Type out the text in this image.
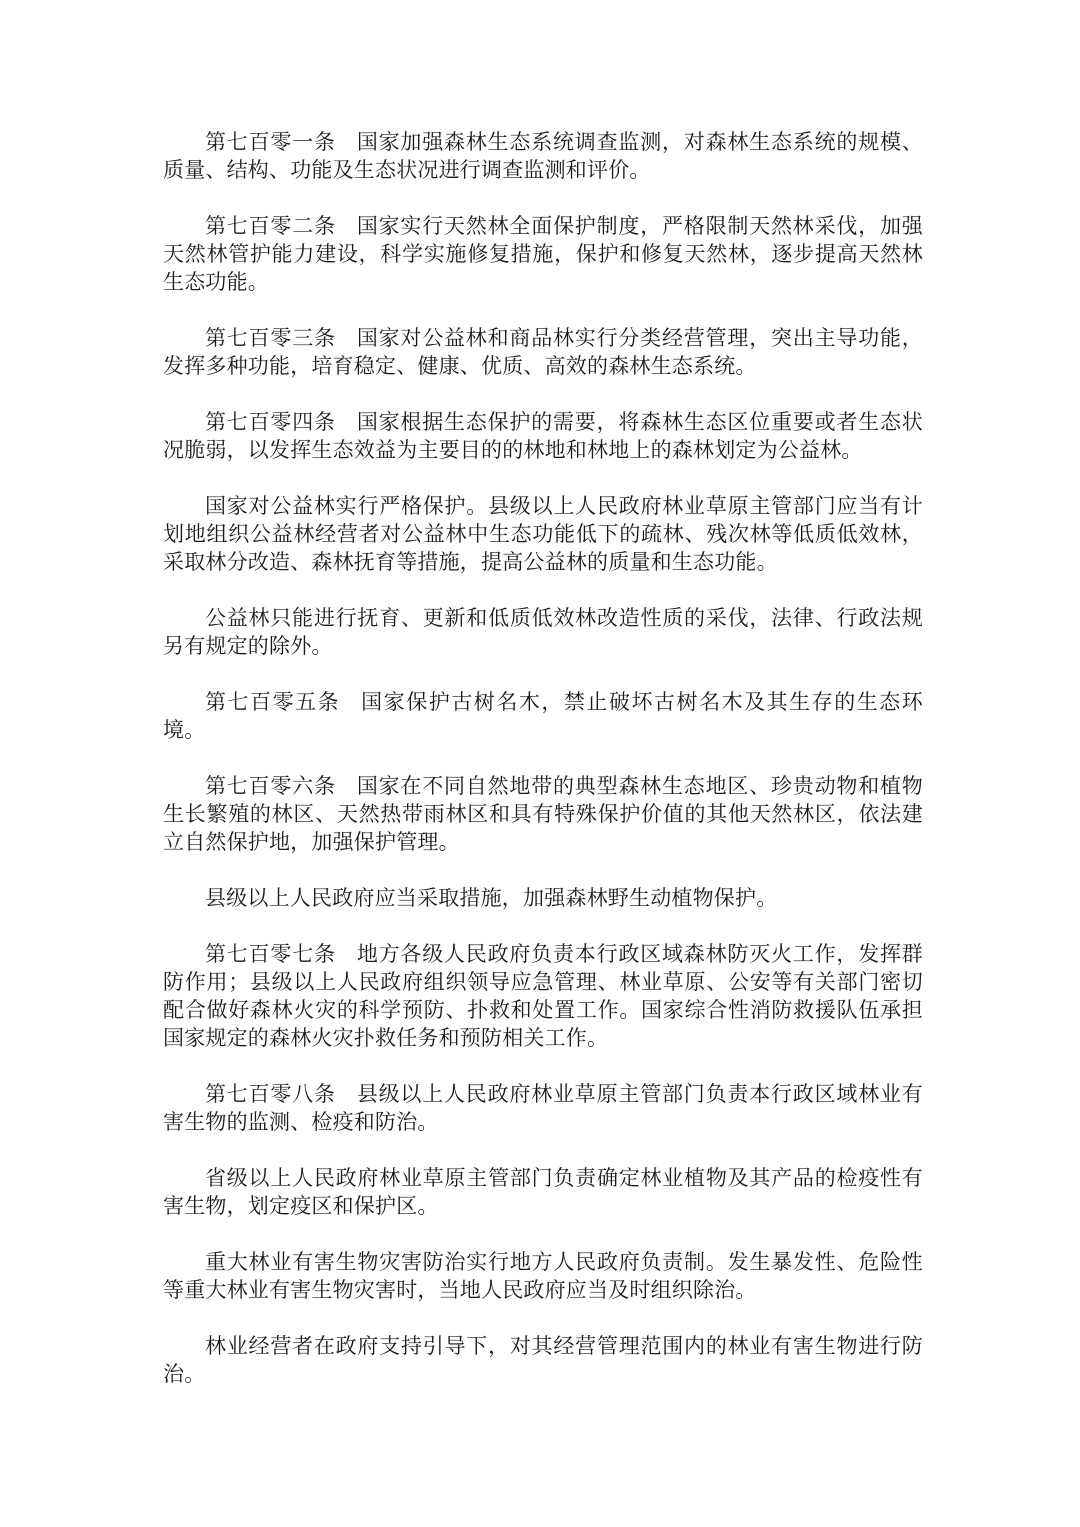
第七百零一条 国家加强森林生态系统调查监测，对森林生态系统的规模、质量、结构、功能及生态状况进行调查监测和评价。

第七百零二条 国家实行天然林全面保护制度，严格限制天然林采伐，加强天然林管护能力建设，科学实施修复措施，保护和修复天然林，逐步提高天然林生态功能。

第七百零三条 国家对公益林和商品林实行分类经营管理，突出主导功能，发挥多种功能，培育稳定、健康、优质、高效的森林生态系统。

第七百零四条 国家根据生态保护的需要，将森林生态区位重要或者生态状况脆弱，以发挥生态效益为主要目的的林地和林地上的森林划定为公益林。

国家对公益林实行严格保护。县级以上人民政府林业草原主管部门应当有计划地组织公益林经营者对公益林中生态功能低下的疏林、残次林等低质低效林，采取林分改造、森林抚育等措施，提高公益林的质量和生态功能。

公益林只能进行抚育、更新和低质低效林改造性质的采伐，法律、行政法规另有规定的除外。

第七百零五条 国家保护古树名木，禁止破坏古树名木及其生存的生态环境。

第七百零六条 国家在不同自然地带的典型森林生态地区、珍贵动物和植物生长繁殖的林区、天然热带雨林区和具有特殊保护价值的其他天然林区，依法建立自然保护地，加强保护管理。

县级以上人民政府应当采取措施，加强森林野生动植物保护。

第七百零七条 地方各级人民政府负责本行政区域森林防灭火工作，发挥群防作用；县级以上人民政府组织领导应急管理、林业草原、公安等有关部门密切配合做好森林火灾的科学预防、扑救和处置工作。国家综合性消防救援队伍承担国家规定的森林火灾扑救任务和预防相关工作。

第七百零八条 县级以上人民政府林业草原主管部门负责本行政区域林业有害生物的监测、检疫和防治。

省级以上人民政府林业草原主管部门负责确定林业植物及其产品的检疫性有害生物，划定疫区和保护区。

重大林业有害生物灾害防治实行地方人民政府负责制。发生暴发性、危险性等重大林业有害生物灾害时，当地人民政府应当及时组织除治。

林业经营者在政府支持引导下，对其经营管理范围内的林业有害生物进行防治。
